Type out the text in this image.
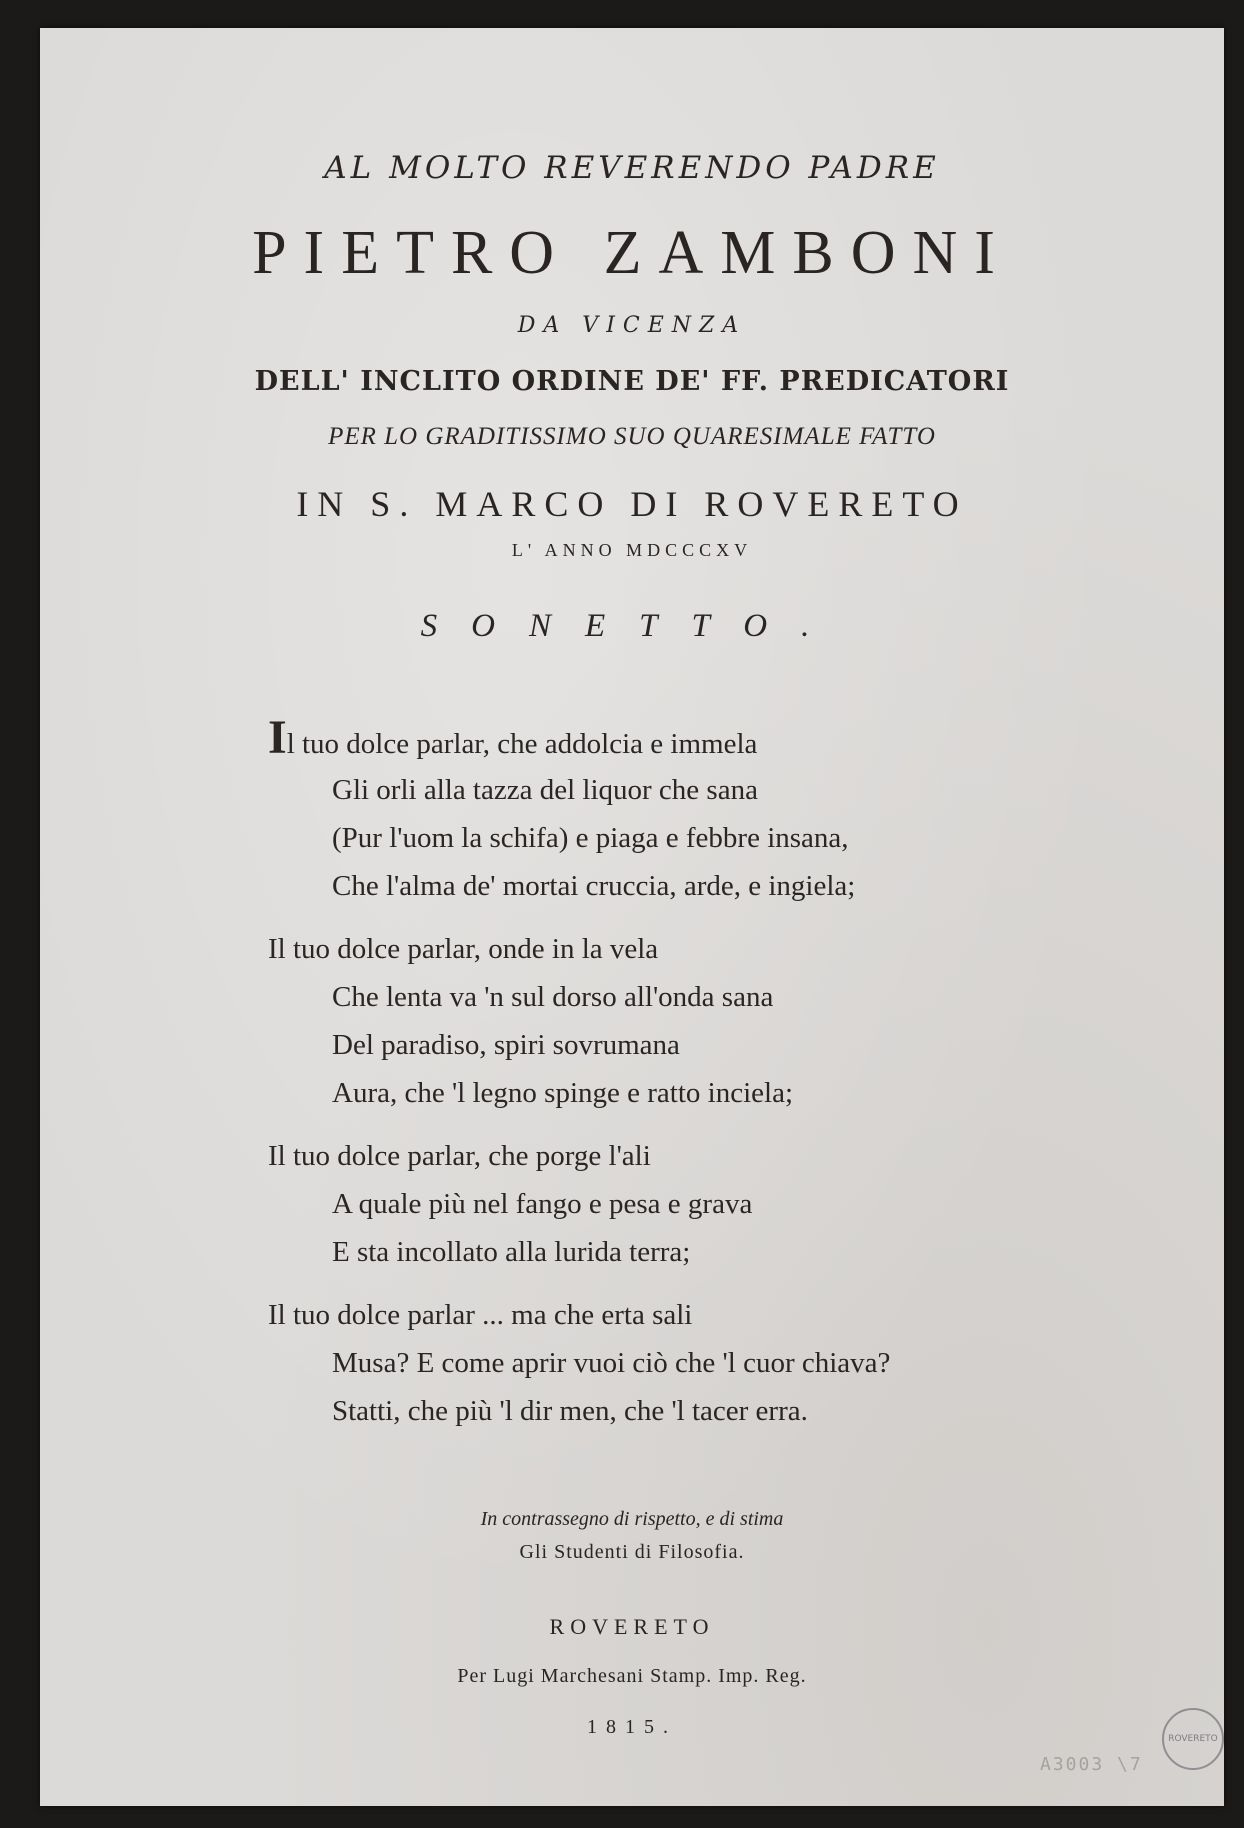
AL MOLTO REVERENDO PADRE
PIETRO ZAMBONI
DA VICENZA
DELL' INCLITO ORDINE DE' FF. PREDICATORI
PER LO GRADITISSIMO SUO QUARESIMALE FATTO
IN S. MARCO DI ROVERETO
L' ANNO MDCCCXV
SONETTO.
Il tuo dolce parlar, che addolcia e immela
Gli orli alla tazza del liquor che sana
(Pur l'uom la schifa) e piaga e febbre insana,
Che l'alma de' mortai cruccia, arde, e ingiela;
Il tuo dolce parlar, onde in la vela
Che lenta va 'n sul dorso all'onda sana
Del paradiso, spiri sovrumana
Aura, che 'l legno spinge e ratto inciela;
Il tuo dolce parlar, che porge l'ali
A quale più nel fango e pesa e grava
E sta incollato alla lurida terra;
Il tuo dolce parlar ... ma che erta sali
Musa? E come aprir vuoi ciò che 'l cuor chiava?
Statti, che più 'l dir men, che 'l tacer erra.
In contrassegno di rispetto, e di stima
Gli Studenti di Filosofia.
ROVERETO
Per Lugi Marchesani Stamp. Imp. Reg.
1815.
ROVERETO
A3003 \7
